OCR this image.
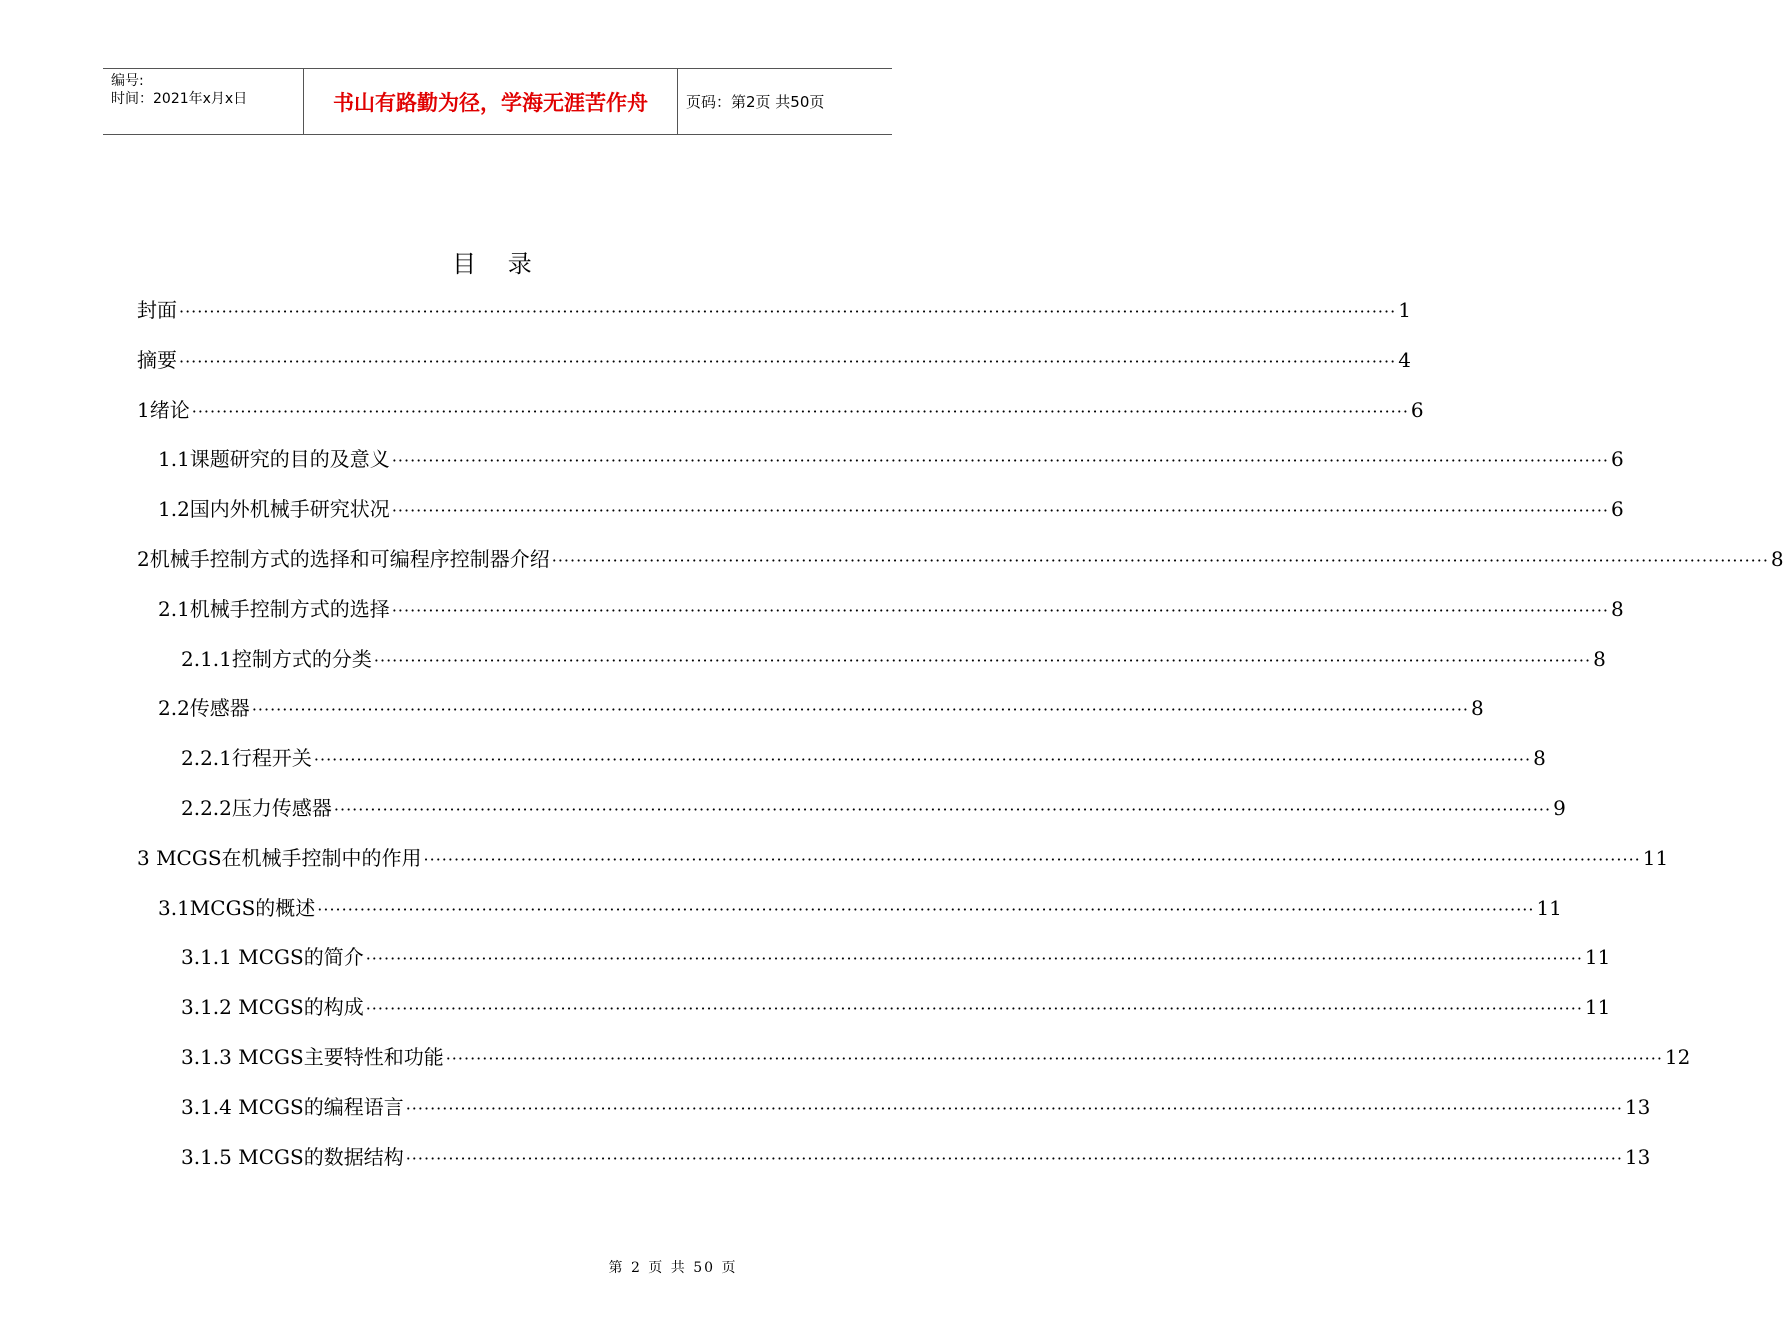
编号:
时间：2021年x月x日	书山有路勤为径，学海无涯苦作舟	页码：第2页 共50页
目 录
封面 ········································································································································································································ 1
摘要 ········································································································································································································ 4
1绪论 ········································································································································································································ 6
1.1课题研究的目的及意义 ········································································································································································································ 6
1.2国内外机械手研究状况 ········································································································································································································ 6
2机械手控制方式的选择和可编程序控制器介绍 ········································································································································································································ 8
2.1机械手控制方式的选择 ········································································································································································································ 8
2.1.1控制方式的分类 ········································································································································································································ 8
2.2传感器 ········································································································································································································ 8
2.2.1行程开关 ········································································································································································································ 8
2.2.2压力传感器 ········································································································································································································ 9
3 MCGS在机械手控制中的作用 ········································································································································································································ 11
3.1MCGS的概述 ········································································································································································································ 11
3.1.1 MCGS的简介 ········································································································································································································ 11
3.1.2 MCGS的构成 ········································································································································································································ 11
3.1.3 MCGS主要特性和功能 ········································································································································································································ 12
3.1.4 MCGS的编程语言 ········································································································································································································ 13
3.1.5 MCGS的数据结构 ········································································································································································································ 13
第 2 页 共 50 页
